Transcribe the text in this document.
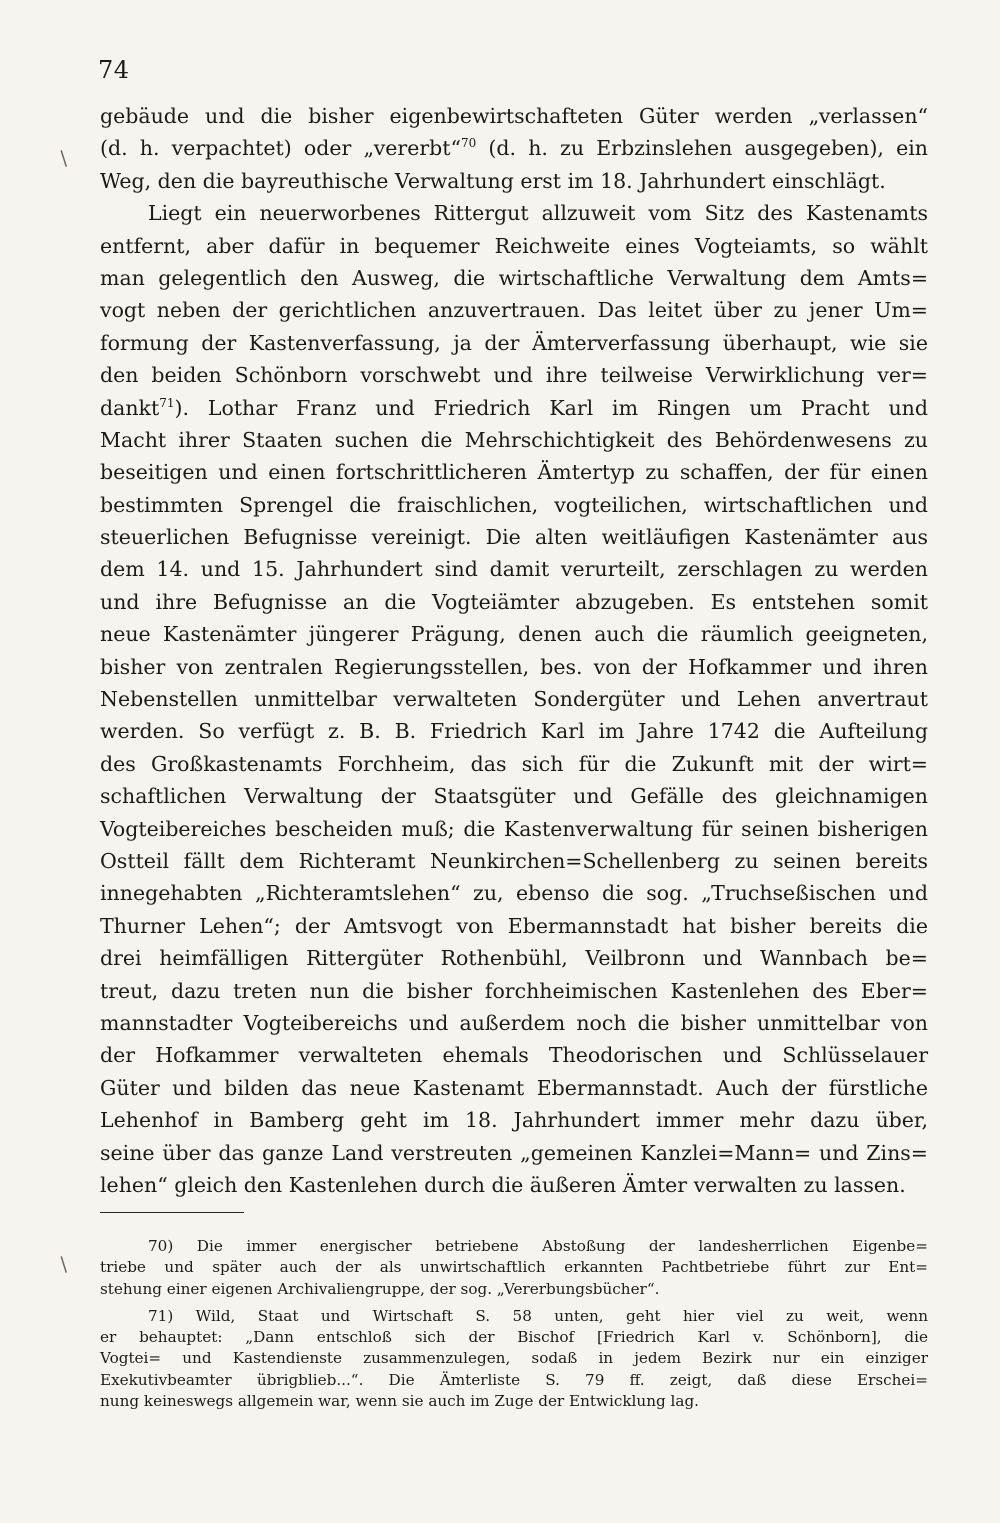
74
/
/
gebäude und die bisher eigenbewirtschafteten Güter werden „verlassen“
(d. h. verpachtet) oder „vererbt“$^{70}$ (d. h. zu Erbzinslehen ausgegeben), ein
Weg, den die bayreuthische Verwaltung erst im 18. Jahrhundert einschlägt.
Liegt ein neuerworbenes Rittergut allzuweit vom Sitz des Kastenamts
entfernt, aber dafür in bequemer Reichweite eines Vogteiamts, so wählt
man gelegentlich den Ausweg, die wirtschaftliche Verwaltung dem Amts=
vogt neben der gerichtlichen anzuvertrauen. Das leitet über zu jener Um=
formung der Kastenverfassung, ja der Ämterverfassung überhaupt, wie sie
den beiden Schönborn vorschwebt und ihre teilweise Verwirklichung ver=
dankt$^{71}$). Lothar Franz und Friedrich Karl im Ringen um Pracht und
Macht ihrer Staaten suchen die Mehrschichtigkeit des Behördenwesens zu
beseitigen und einen fortschrittlicheren Ämtertyp zu schaffen, der für einen
bestimmten Sprengel die fraischlichen, vogteilichen, wirtschaftlichen und
steuerlichen Befugnisse vereinigt. Die alten weitläufigen Kastenämter aus
dem 14. und 15. Jahrhundert sind damit verurteilt, zerschlagen zu werden
und ihre Befugnisse an die Vogteiämter abzugeben. Es entstehen somit
neue Kastenämter jüngerer Prägung, denen auch die räumlich geeigneten,
bisher von zentralen Regierungsstellen, bes. von der Hofkammer und ihren
Nebenstellen unmittelbar verwalteten Sondergüter und Lehen anvertraut
werden. So verfügt z. B. B. Friedrich Karl im Jahre 1742 die Aufteilung
des Großkastenamts Forchheim, das sich für die Zukunft mit der wirt=
schaftlichen Verwaltung der Staatsgüter und Gefälle des gleichnamigen
Vogteibereiches bescheiden muß; die Kastenverwaltung für seinen bisherigen
Ostteil fällt dem Richteramt Neunkirchen=Schellenberg zu seinen bereits
innegehabten „Richteramtslehen“ zu, ebenso die sog. „Truchseßischen und
Thurner Lehen“; der Amtsvogt von Ebermannstadt hat bisher bereits die
drei heimfälligen Rittergüter Rothenbühl, Veilbronn und Wannbach be=
treut, dazu treten nun die bisher forchheimischen Kastenlehen des Eber=
mannstadter Vogteibereichs und außerdem noch die bisher unmittelbar von
der Hofkammer verwalteten ehemals Theodorischen und Schlüsselauer
Güter und bilden das neue Kastenamt Ebermannstadt. Auch der fürstliche
Lehenhof in Bamberg geht im 18. Jahrhundert immer mehr dazu über,
seine über das ganze Land verstreuten „gemeinen Kanzlei=Mann= und Zins=
lehen“ gleich den Kastenlehen durch die äußeren Ämter verwalten zu lassen.
70) Die immer energischer betriebene Abstoßung der landesherrlichen Eigenbe=
triebe und später auch der als unwirtschaftlich erkannten Pachtbetriebe führt zur Ent=
stehung einer eigenen Archivaliengruppe, der sog. „Vererbungsbücher“.
71) Wild, Staat und Wirtschaft S. 58 unten, geht hier viel zu weit, wenn
er behauptet: „Dann entschloß sich der Bischof [Friedrich Karl v. Schönborn], die
Vogtei= und Kastendienste zusammenzulegen, sodaß in jedem Bezirk nur ein einziger
Exekutivbeamter übrigblieb...“. Die Ämterliste S. 79 ff. zeigt, daß diese Erschei=
nung keineswegs allgemein war, wenn sie auch im Zuge der Entwicklung lag.
